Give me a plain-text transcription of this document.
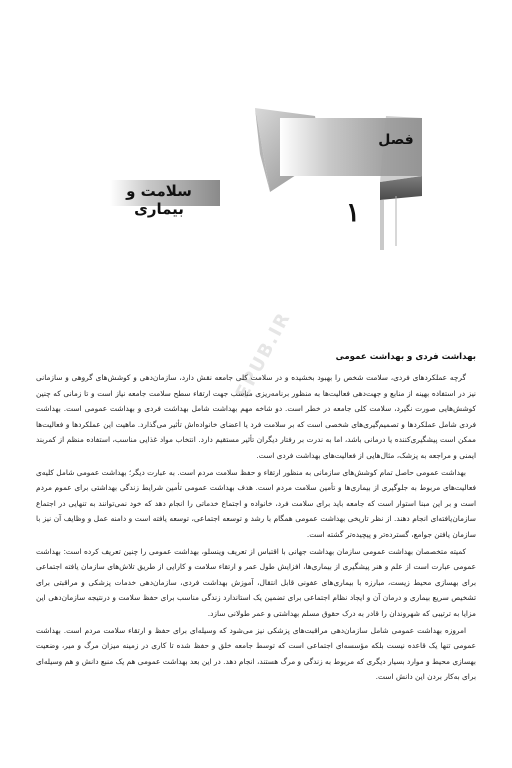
فصل
۱
سلامت و بیماری
EPUB.IR	بهداشت فردی و بهداشت عمومی

گرچه عملکردهای فردی، سلامت شخص را بهبود بخشیده و در سلامت کلی جامعه نقش دارد، سازمان‌دهی و کوشش‌های گروهی و سازمانی نیز در استفاده بهینه از منابع و جهت‌دهی فعالیت‌ها به منظور برنامه‌ریزی مناسب جهت ارتقاء سطح سلامت جامعه نیاز است و تا زمانی که چنین کوشش‌هایی صورت نگیرد، سلامت کلی جامعه در خطر است. دو شاخه مهم بهداشت شامل بهداشت فردی و بهداشت عمومی است. بهداشت فردی شامل عملکردها و تصمیم‌گیری‌های شخصی است که بر سلامت فرد یا اعضای خانواده‌اش تأثیر می‌گذارد. ماهیت این عملکردها و فعالیت‌ها ممکن است پیشگیری‌کننده یا درمانی باشد، اما به ندرت بر رفتار دیگران تأثیر مستقیم دارد. انتخاب مواد غذایی مناسب، استفاده منظم از کمربند ایمنی و مراجعه به پزشک، مثال‌هایی از فعالیت‌های بهداشت فردی است.

بهداشت عمومی حاصل تمام کوشش‌های سازمانی به منظور ارتقاء و حفظ سلامت مردم است. به عبارت دیگر؛ بهداشت عمومی شامل کلیه‌ی فعالیت‌های مربوط به جلوگیری از بیماری‌ها و تأمین سلامت مردم است. هدف بهداشت عمومی تأمین شرایط زندگی بهداشتی برای عموم مردم است و بر این مبنا استوار است که جامعه باید برای سلامت فرد، خانواده و اجتماع خدماتی را انجام دهد که خود نمی‌توانند به تنهایی در اجتماع سازمان‌یافته‌ای انجام دهند. از نظر تاریخی بهداشت عمومی همگام با رشد و توسعه اجتماعی، توسعه یافته است و دامنه عمل و وظایف آن نیز با سازمان یافتن جوامع، گسترده‌تر و پیچیده‌تر گشته است.

کمیته متخصصان بهداشت عمومی سازمان بهداشت جهانی با اقتباس از تعریف وینسلو، بهداشت عمومی را چنین تعریف کرده است: بهداشت عمومی عبارت است از علم و هنر پیشگیری از بیماری‌ها، افزایش طول عمر و ارتقاء سلامت و کارایی از طریق تلاش‌های سازمان یافته اجتماعی برای بهسازی محیط زیست، مبارزه با بیماری‌های عفونی قابل انتقال، آموزش بهداشت فردی، سازمان‌دهی خدمات پزشکی و مراقبتی برای تشخیص سریع بیماری و درمان آن و ایجاد نظام اجتماعی برای تضمین یک استاندارد زندگی مناسب برای حفظ سلامت و درنتیجه سازمان‌دهی این مزایا به ترتیبی که شهروندان را قادر به درک حقوق مسلم بهداشتی و عمر طولانی سازد.

امروزه بهداشت عمومی شامل سازمان‌دهی مراقبت‌های پزشکی نیز می‌شود که وسیله‌ای برای حفظ و ارتقاء سلامت مردم است. بهداشت عمومی تنها یک قاعده نیست بلکه مؤسسه‌ای اجتماعی است که توسط جامعه خلق و حفظ شده تا کاری در زمینه میزان مرگ و میر، وضعیت بهسازی محیط و موارد بسیار دیگری که مربوط به زندگی و مرگ هستند، انجام دهد. در این بعد بهداشت عمومی هم یک منبع دانش و هم وسیله‌ای برای به‌کار بردن این دانش است.
